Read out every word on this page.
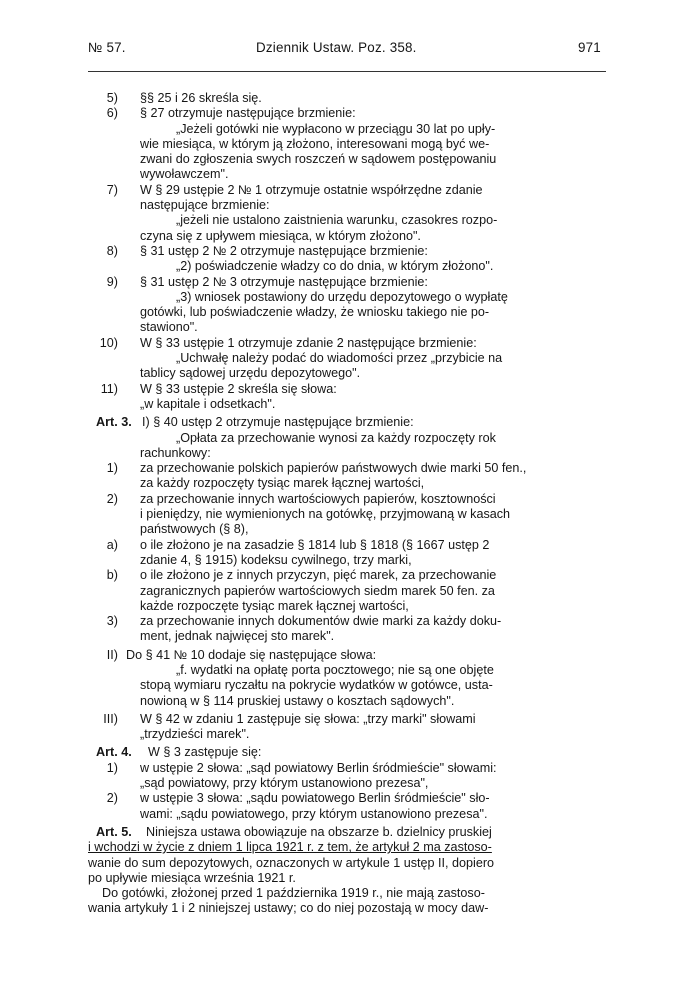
№ 57.	Dziennik Ustaw. Poz. 358.	971
5) §§ 25 i 26 skreśla się.
6) § 27 otrzymuje następujące brzmienie:
„Jeżeli gotówki nie wypłacono w przeciągu 30 lat po upły-
wie miesiąca, w którym ją złożono, interesowani mogą być we-
zwani do zgłoszenia swych roszczeń w sądowem postępowaniu
wywoławczem".
7) W § 29 ustępie 2 № 1 otrzymuje ostatnie współrzędne zdanie
następujące brzmienie:
„jeżeli nie ustalono zaistnienia warunku, czasokres rozpo-
czyna się z upływem miesiąca, w którym złożono".
8) § 31 ustęp 2 № 2 otrzymuje następujące brzmienie:
„2) poświadczenie władzy co do dnia, w którym złożono".
9) § 31 ustęp 2 № 3 otrzymuje następujące brzmienie:
„3) wniosek postawiony do urzędu depozytowego o wypłatę
gotówki, lub poświadczenie władzy, że wniosku takiego nie po-
stawiono".
10) W § 33 ustępie 1 otrzymuje zdanie 2 następujące brzmienie:
„Uchwałę należy podać do wiadomości przez „przybicie na
tablicy sądowej urzędu depozytowego".
11) W § 33 ustępie 2 skreśla się słowa:
„w kapitale i odsetkach".
Art. 3. I) § 40 ustęp 2 otrzymuje następujące brzmienie:
„Opłata za przechowanie wynosi za każdy rozpoczęty rok
rachunkowy:
1) za przechowanie polskich papierów państwowych dwie marki 50 fen.,
za każdy rozpoczęty tysiąc marek łącznej wartości,
2) za przechowanie innych wartościowych papierów, kosztowności
i pieniędzy, nie wymienionych na gotówkę, przyjmowaną w kasach
państwowych (§ 8),
a) o ile złożono je na zasadzie § 1814 lub § 1818 (§ 1667 ustęp 2
zdanie 4, § 1915) kodeksu cywilnego, trzy marki,
b) o ile złożono je z innych przyczyn, pięć marek, za przechowanie
zagranicznych papierów wartościowych siedm marek 50 fen. za
każde rozpoczęte tysiąc marek łącznej wartości,
3) za przechowanie innych dokumentów dwie marki za każdy doku-
ment, jednak najwięcej sto marek".
II) Do § 41 № 10 dodaje się następujące słowa:
„f. wydatki na opłatę porta pocztowego; nie są one objęte
stopą wymiaru ryczałtu na pokrycie wydatków w gotówce, usta-
nowioną w § 114 pruskiej ustawy o kosztach sądowych".
III) W § 42 w zdaniu 1 zastępuje się słowa: „trzy marki" słowami
„trzydzieści marek".
Art. 4. W § 3 zastępuje się:
1) w ustępie 2 słowa: „sąd powiatowy Berlin śródmieście" słowami:
„sąd powiatowy, przy którym ustanowiono prezesa",
2) w ustępie 3 słowa: „sądu powiatowego Berlin śródmieście" sło-
wami: „sądu powiatowego, przy którym ustanowiono prezesa".
Art. 5. Niniejsza ustawa obowiązuje na obszarze b. dzielnicy pruskiej
i wchodzi w życie z dniem 1 lipca 1921 r. z tem, że artykuł 2 ma zastoso-
wanie do sum depozytowych, oznaczonych w artykule 1 ustęp II, dopiero
po upływie miesiąca września 1921 r.
Do gotówki, złożonej przed 1 października 1919 r., nie mają zastoso-
wania artykuły 1 i 2 niniejszej ustawy; co do niej pozostają w mocy daw-
